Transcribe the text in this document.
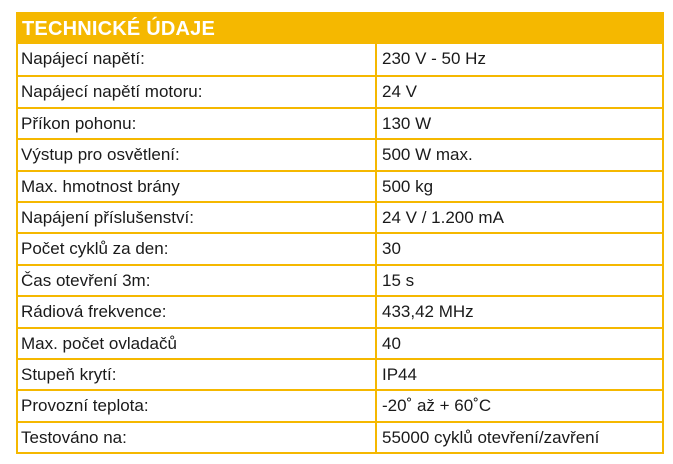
TECHNICKÉ ÚDAJE
Napájecí napětí:	230 V - 50 Hz
Napájecí napětí motoru:	24 V
Příkon pohonu:	130 W
Výstup pro osvětlení:	500 W max.
Max. hmotnost brány	500 kg
Napájení příslušenství:	24 V / 1.200 mA
Počet cyklů za den:	30
Čas otevření 3m:	15 s
Rádiová frekvence:	433,42 MHz
Max. počet ovladačů	40
Stupeň krytí:	IP44
Provozní teplota:	-20˚ až + 60˚C
Testováno na:	55000 cyklů otevření/zavření
